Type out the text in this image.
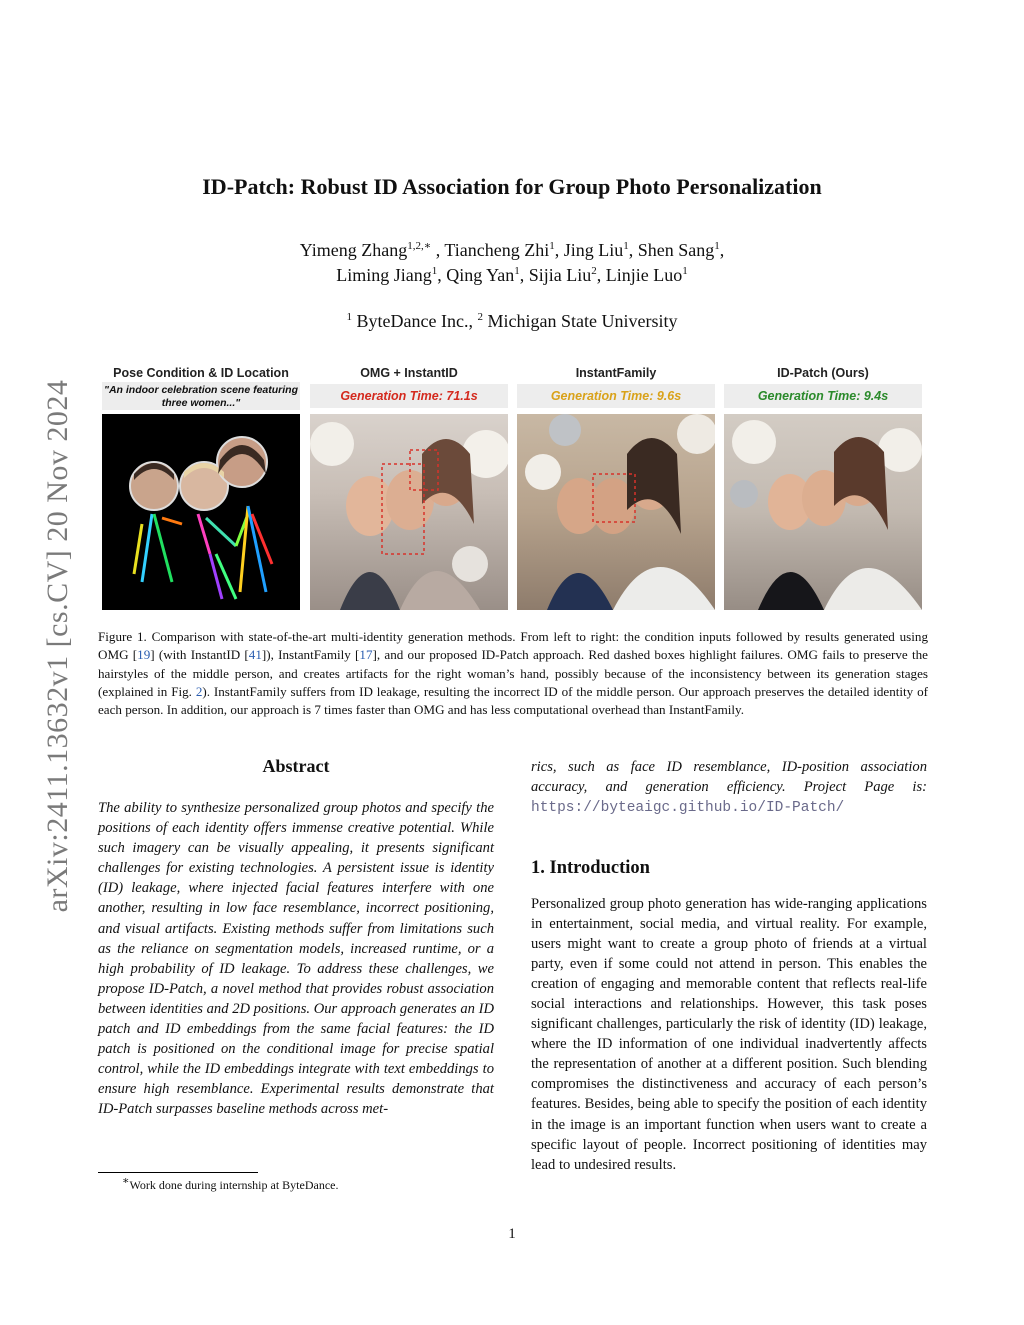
arXiv:2411.13632v1 [cs.CV] 20 Nov 2024
ID-Patch: Robust ID Association for Group Photo Personalization
Yimeng Zhang$^{1,2,∗}$ , Tiancheng Zhi$^1$, Jing Liu$^1$, Shen Sang$^1$,
Liming Jiang$^1$, Qing Yan$^1$, Sijia Liu$^2$, Linjie Luo$^1$
$^1$ ByteDance Inc., $^2$ Michigan State University
Pose Condition & ID Location
"An indoor celebration scene featuring three women..."
OMG + InstantID
Generation Time: 71.1s
InstantFamily
Generation Time: 9.6s
ID-Patch (Ours)
Generation Time: 9.4s
Figure 1. Comparison with state-of-the-art multi-identity generation methods. From left to right: the condition inputs followed by results generated using OMG [19] (with InstantID [41]), InstantFamily [17], and our proposed ID-Patch approach. Red dashed boxes highlight failures. OMG fails to preserve the hairstyles of the middle person, and creates artifacts for the right woman’s hand, possibly because of the inconsistency between its generation stages (explained in Fig. 2). InstantFamily suffers from ID leakage, resulting the incorrect ID of the middle person. Our approach preserves the detailed identity of each person. In addition, our approach is 7 times faster than OMG and has less computational overhead than InstantFamily.
Abstract
The ability to synthesize personalized group photos and specify the positions of each identity offers immense creative potential. While such imagery can be visually appealing, it presents significant challenges for existing technologies. A persistent issue is identity (ID) leakage, where injected facial features interfere with one another, resulting in low face resemblance, incorrect positioning, and visual artifacts. Existing methods suffer from limitations such as the reliance on segmentation models, increased runtime, or a high probability of ID leakage. To address these challenges, we propose ID-Patch, a novel method that provides robust association between identities and 2D positions. Our approach generates an ID patch and ID embeddings from the same facial features: the ID patch is positioned on the conditional image for precise spatial control, while the ID embeddings integrate with text embeddings to ensure high resemblance. Experimental results demonstrate that ID-Patch surpasses baseline methods across met-
rics, such as face ID resemblance, ID-position association accuracy, and generation efficiency. Project Page is: https://byteaigc.github.io/ID-Patch/
∗Work done during internship at ByteDance.
1. Introduction
Personalized group photo generation has wide-ranging applications in entertainment, social media, and virtual reality. For example, users might want to create a group photo of friends at a virtual party, even if some could not attend in person. This enables the creation of engaging and memorable content that reflects real-life social interactions and relationships. However, this task poses significant challenges, particularly the risk of identity (ID) leakage, where the ID information of one individual inadvertently affects the representation of another at a different position. Such blending compromises the distinctiveness and accuracy of each person’s features. Besides, being able to specify the position of each identity in the image is an important function when users want to create a specific layout of people. Incorrect positioning of identities may lead to undesired results.
1
